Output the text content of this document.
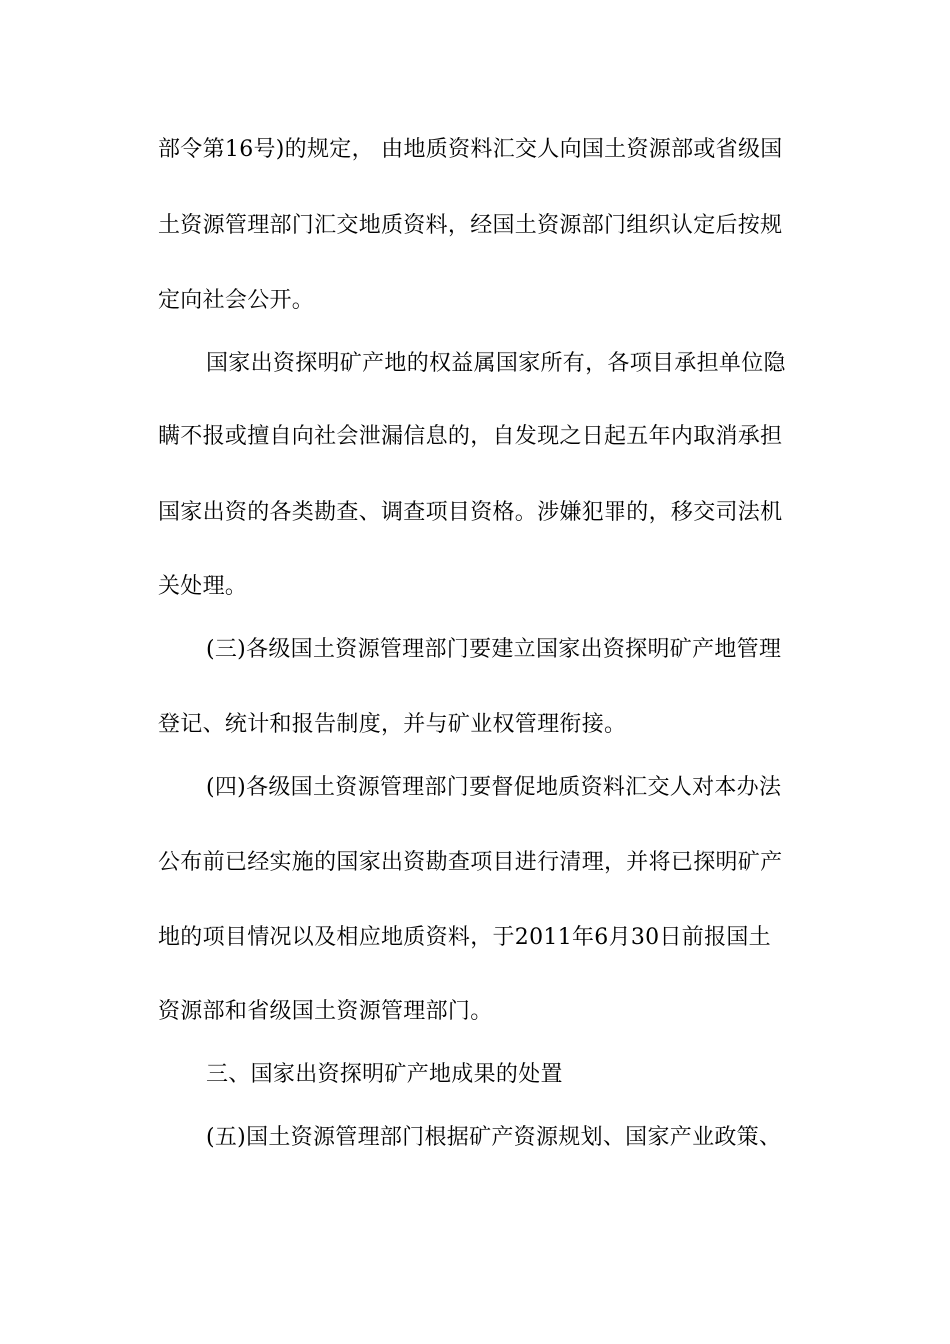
部令第16号)的规定， 由地质资料汇交人向国土资源部或省级国
土资源管理部门汇交地质资料，经国土资源部门组织认定后按规
定向社会公开。
国家出资探明矿产地的权益属国家所有，各项目承担单位隐
瞒不报或擅自向社会泄漏信息的，自发现之日起五年内取消承担
国家出资的各类勘查、调查项目资格。涉嫌犯罪的，移交司法机
关处理。
(三)各级国土资源管理部门要建立国家出资探明矿产地管理
登记、统计和报告制度，并与矿业权管理衔接。
(四)各级国土资源管理部门要督促地质资料汇交人对本办法
公布前已经实施的国家出资勘查项目进行清理，并将已探明矿产
地的项目情况以及相应地质资料，于2011年6月30日前报国土
资源部和省级国土资源管理部门。
三、国家出资探明矿产地成果的处置
(五)国土资源管理部门根据矿产资源规划、国家产业政策、
